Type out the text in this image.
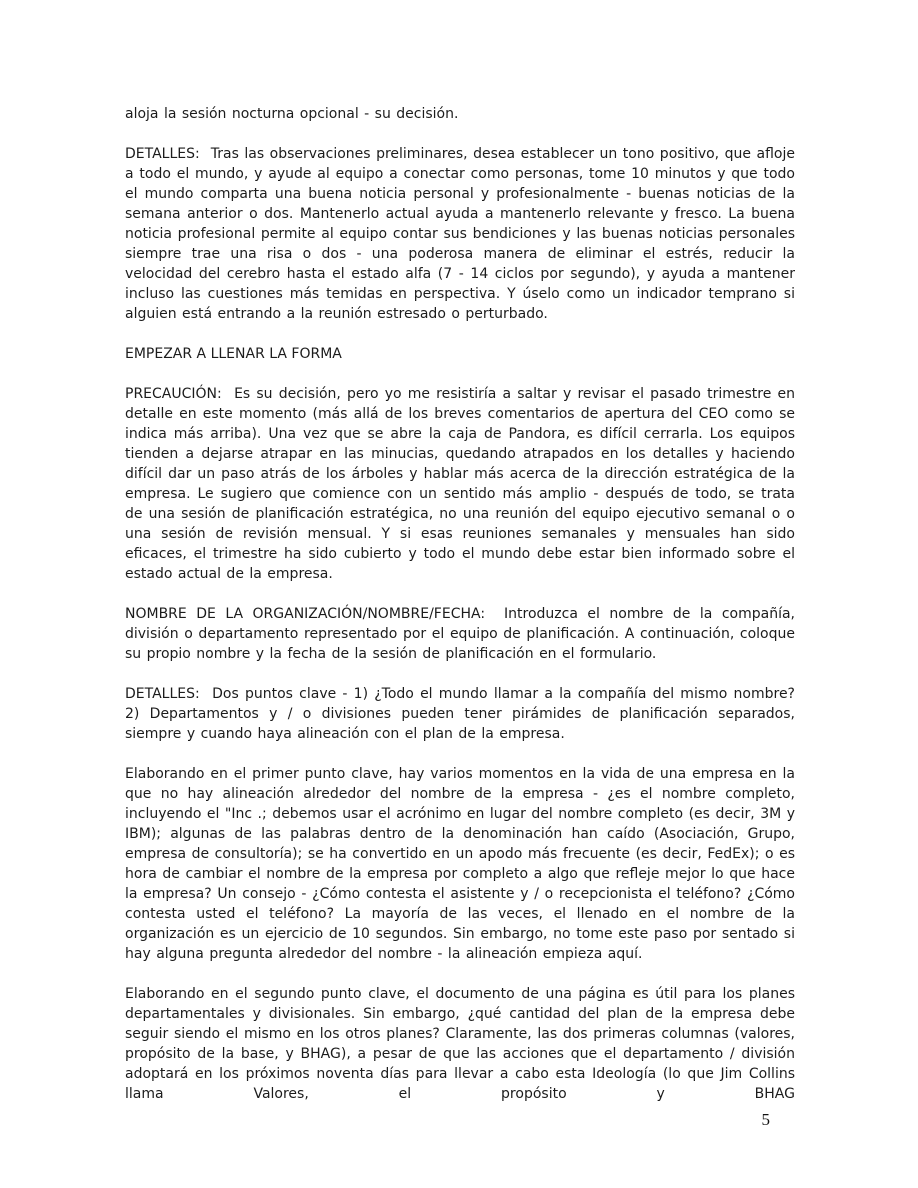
aloja la sesión nocturna opcional - su decisión.

DETALLES:  Tras las observaciones preliminares, desea establecer un tono positivo, que afloje a todo el mundo, y ayude al equipo a conectar como personas, tome 10 minutos y que todo el mundo comparta una buena noticia personal y profesionalmente - buenas noticias de la semana anterior o dos. Mantenerlo actual ayuda a mantenerlo relevante y fresco. La buena noticia profesional permite al equipo contar sus bendiciones y las buenas noticias personales siempre trae una risa o dos - una poderosa manera de eliminar el estrés, reducir la velocidad del cerebro hasta el estado alfa (7 - 14 ciclos por segundo), y ayuda a mantener incluso las cuestiones más temidas en perspectiva. Y úselo como un indicador temprano si alguien está entrando a la reunión estresado o perturbado.

EMPEZAR A LLENAR LA FORMA

PRECAUCIÓN:  Es su decisión, pero yo me resistiría a saltar y revisar el pasado trimestre en detalle en este momento (más allá de los breves comentarios de apertura del CEO como se indica más arriba). Una vez que se abre la caja de Pandora, es difícil cerrarla. Los equipos tienden a dejarse atrapar en las minucias, quedando atrapados en los detalles y haciendo difícil dar un paso atrás de los árboles y hablar más acerca de la dirección estratégica de la empresa. Le sugiero que comience con un sentido más amplio - después de todo, se trata de una sesión de planificación estratégica, no una reunión del equipo ejecutivo semanal o o una sesión de revisión mensual. Y si esas reuniones semanales y mensuales han sido eficaces, el trimestre ha sido cubierto y todo el mundo debe estar bien informado sobre el estado actual de la empresa.

NOMBRE DE LA ORGANIZACIÓN/NOMBRE/FECHA:  Introduzca el nombre de la compañía, división o departamento representado por el equipo de planificación. A continuación, coloque su propio nombre y la fecha de la sesión de planificación en el formulario.

DETALLES:  Dos puntos clave - 1) ¿Todo el mundo llamar a la compañía del mismo nombre? 2) Departamentos y / o divisiones pueden tener pirámides de planificación separados, siempre y cuando haya alineación con el plan de la empresa.

Elaborando en el primer punto clave, hay varios momentos en la vida de una empresa en la que no hay alineación alrededor del nombre de la empresa - ¿es el nombre completo, incluyendo el "Inc .; debemos usar el acrónimo en lugar del nombre completo (es decir, 3M y IBM); algunas de las palabras dentro de la denominación han caído (Asociación, Grupo, empresa de consultoría); se ha convertido en un apodo más frecuente (es decir, FedEx); o es hora de cambiar el nombre de la empresa por completo a algo que refleje mejor lo que hace la empresa? Un consejo - ¿Cómo contesta el asistente y / o recepcionista el teléfono? ¿Cómo contesta usted el teléfono? La mayoría de las veces, el llenado en el nombre de la organización es un ejercicio de 10 segundos. Sin embargo, no tome este paso por sentado si hay alguna pregunta alrededor del nombre - la alineación empieza aquí.

Elaborando en el segundo punto clave, el documento de una página es útil para los planes departamentales y divisionales. Sin embargo, ¿qué cantidad del plan de la empresa debe seguir siendo el mismo en los otros planes? Claramente, las dos primeras columnas (valores, propósito de la base, y BHAG), a pesar de que las acciones que el departamento / división adoptará en los próximos noventa días para llevar a cabo esta Ideología (lo que Jim Collins llama Valores, el propósito y BHAG

5
